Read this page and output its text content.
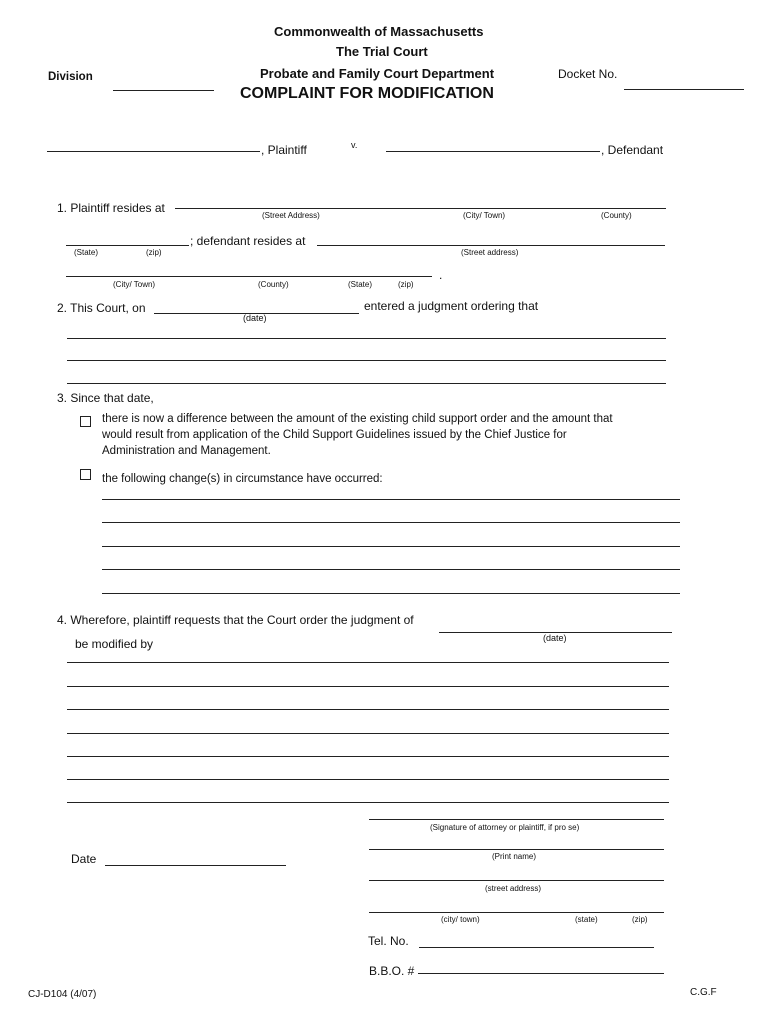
Commonwealth of Massachusetts
The Trial Court
Probate and Family Court Department
COMPLAINT FOR MODIFICATION
Division	Docket No.
, Plaintiff	v.	, Defendant
1. Plaintiff resides at
(Street Address)	(City/ Town)	(County)
; defendant resides at
(State)	(zip)	(Street address)
.
(City/ Town)	(County)	(State)	(zip)
2. This Court, on	entered a judgment ordering that
(date)
3. Since that date,
there is now a difference between the amount of the existing child support order and the amount that
would result from application of the Child Support Guidelines issued by the Chief Justice for
Administration and Management.
the following change(s) in circumstance have occurred:
4. Wherefore, plaintiff requests that the Court order the judgment of
(date)
be modified by
(Signature of attorney or plaintiff, if pro se)
(Print name)
Date
(street address)
(city/ town)	(state)	(zip)
Tel. No.
B.B.O. #
CJ-D104 (4/07)	C.G.F
